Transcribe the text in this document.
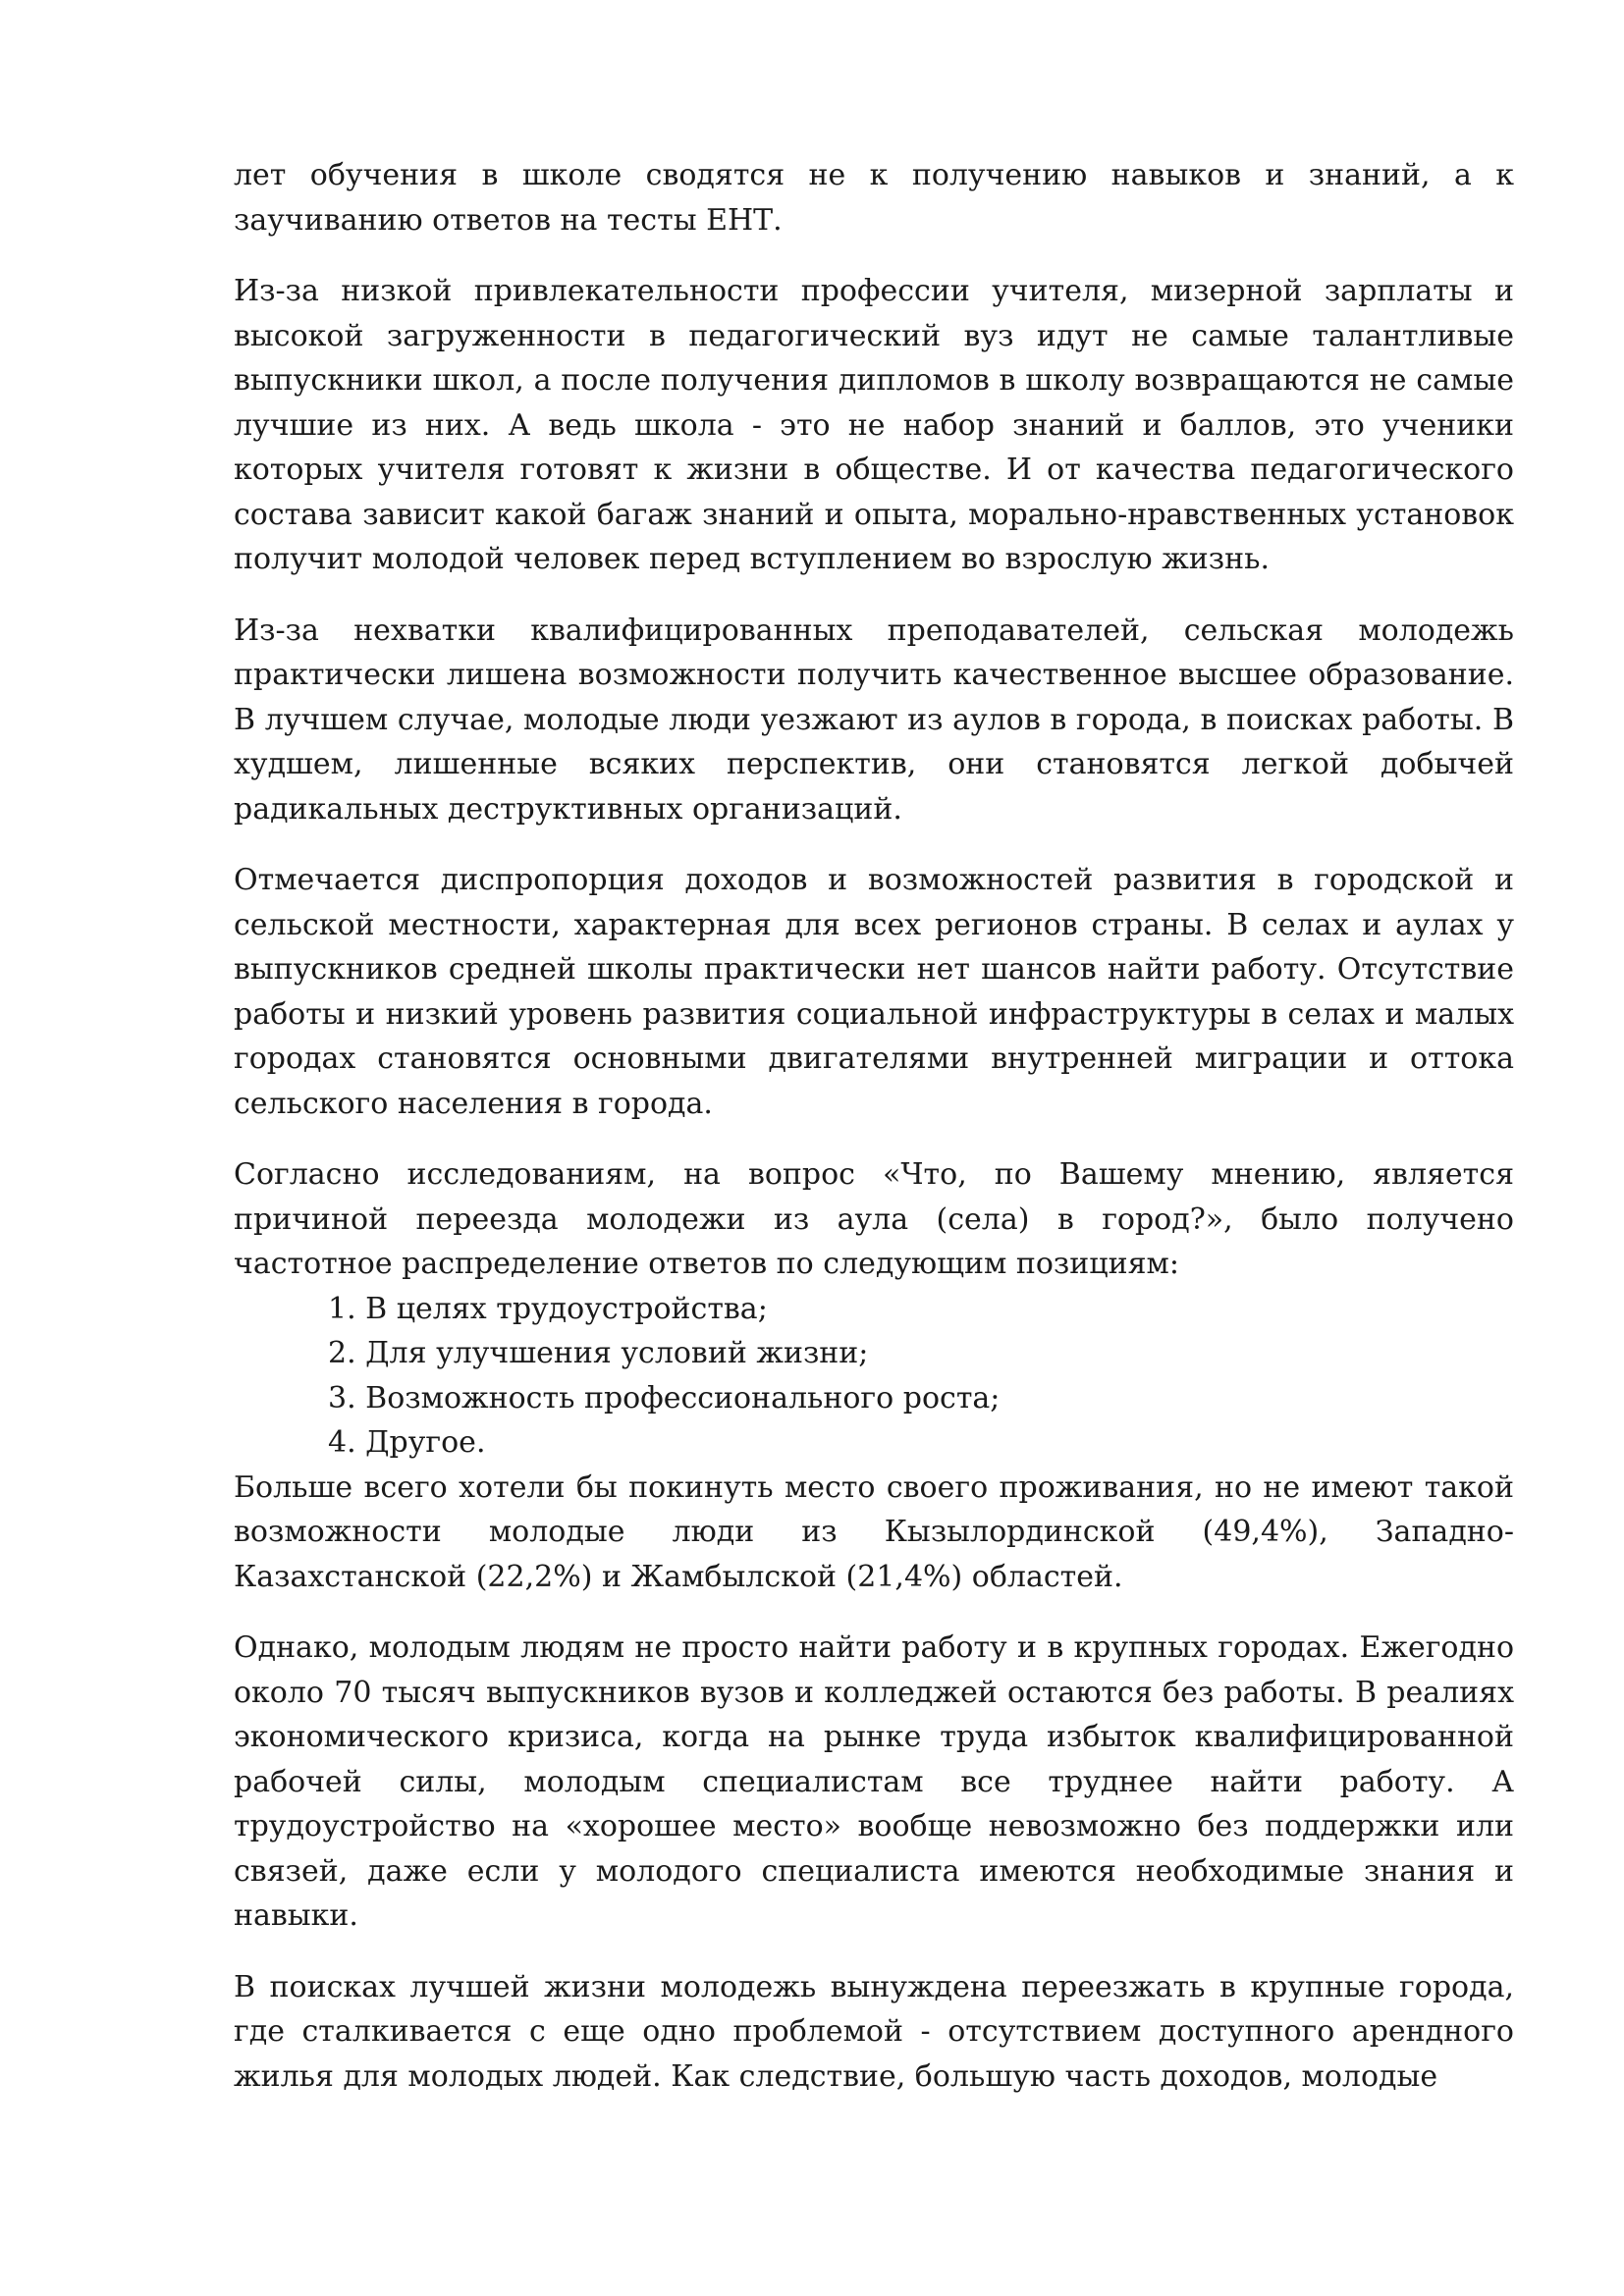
лет обучения в школе сводятся не к получению навыков и знаний, а к заучиванию ответов на тесты ЕНТ.

Из-за низкой привлекательности профессии учителя, мизерной зарплаты и высокой загруженности в педагогический вуз идут не самые талантливые выпускники школ, а после получения дипломов в школу возвращаются не самые лучшие из них. А ведь школа - это не набор знаний и баллов, это ученики которых учителя готовят к жизни в обществе. И от качества педагогического состава зависит какой багаж знаний и опыта, морально-нравственных установок получит молодой человек перед вступлением во взрослую жизнь.

Из-за нехватки квалифицированных преподавателей, сельская молодежь практически лишена возможности получить качественное высшее образование. В лучшем случае, молодые люди уезжают из аулов в города, в поисках работы. В худшем, лишенные всяких перспектив, они становятся легкой добычей радикальных деструктивных организаций.

Отмечается диспропорция доходов и возможностей развития в городской и сельской местности, характерная для всех регионов страны. В селах и аулах у выпускников средней школы практически нет шансов найти работу. Отсутствие работы и низкий уровень развития социальной инфраструктуры в селах и малых городах становятся основными двигателями внутренней миграции и оттока сельского населения в города.

Согласно исследованиям, на вопрос «Что, по Вашему мнению, является причиной переезда молодежи из аула (села) в город?», было получено частотное распределение ответов по следующим позициям:

1. В целях трудоустройства;
2. Для улучшения условий жизни;
3. Возможность профессионального роста;
4. Другое.

Больше всего хотели бы покинуть место своего проживания, но не имеют такой возможности молодые люди из Кызылординской (49,4%), Западно-Казахстанской (22,2%) и Жамбылской (21,4%) областей.

Однако, молодым людям не просто найти работу и в крупных городах. Ежегодно около 70 тысяч выпускников вузов и колледжей остаются без работы. В реалиях экономического кризиса, когда на рынке труда избыток квалифицированной рабочей силы, молодым специалистам все труднее найти работу. А трудоустройство на «хорошее место» вообще невозможно без поддержки или связей, даже если у молодого специалиста имеются необходимые знания и навыки.

В поисках лучшей жизни молодежь вынуждена переезжать в крупные города, где сталкивается с еще одно проблемой - отсутствием доступного арендного жилья для молодых людей. Как следствие, большую часть доходов, молодые
